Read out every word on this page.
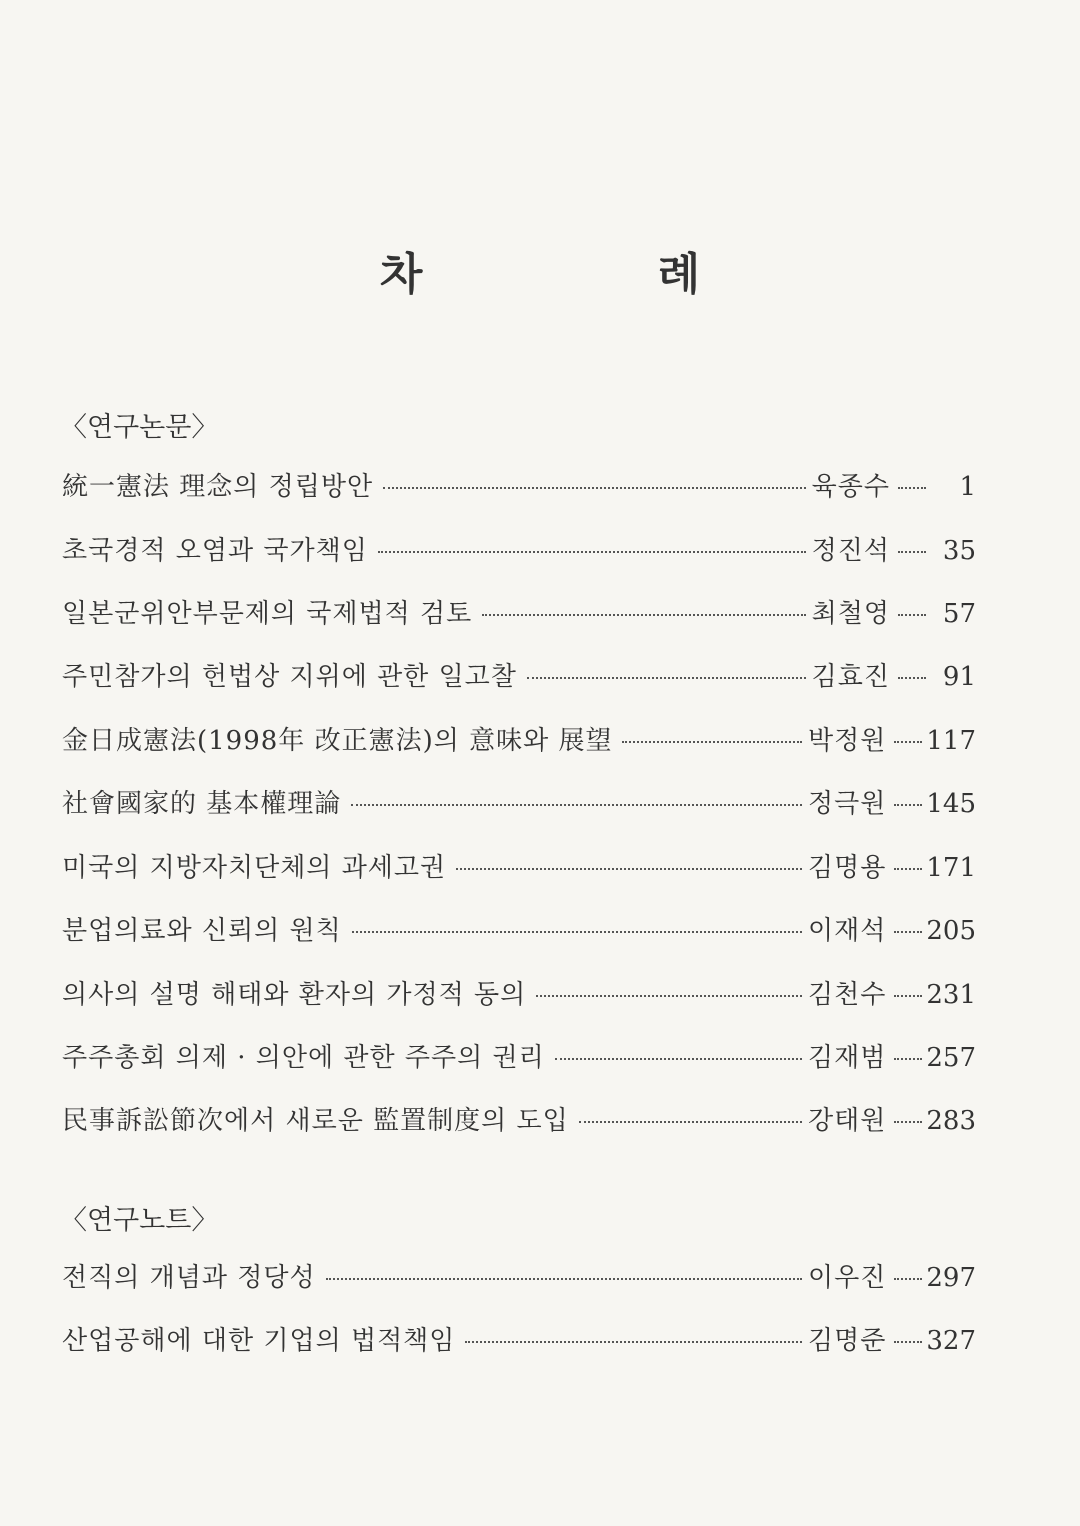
차 례
〈연구논문〉
統一憲法 理念의 정립방안	육종수	1
초국경적 오염과 국가책임	정진석	35
일본군위안부문제의 국제법적 검토	최철영	57
주민참가의 헌법상 지위에 관한 일고찰	김효진	91
金日成憲法(1998年 改正憲法)의 意味와 展望	박정원 117
社會國家的 基本權理論	정극원 145
미국의 지방자치단체의 과세고권	김명용 171
분업의료와 신뢰의 원칙	이재석 205
의사의 설명 해태와 환자의 가정적 동의	김천수 231
주주총회 의제 · 의안에 관한 주주의 권리	김재범 257
民事訴訟節次에서 새로운 監置制度의 도입	강태원 283
〈연구노트〉
전직의 개념과 정당성	이우진 297
산업공해에 대한 기업의 법적책임	김명준 327
